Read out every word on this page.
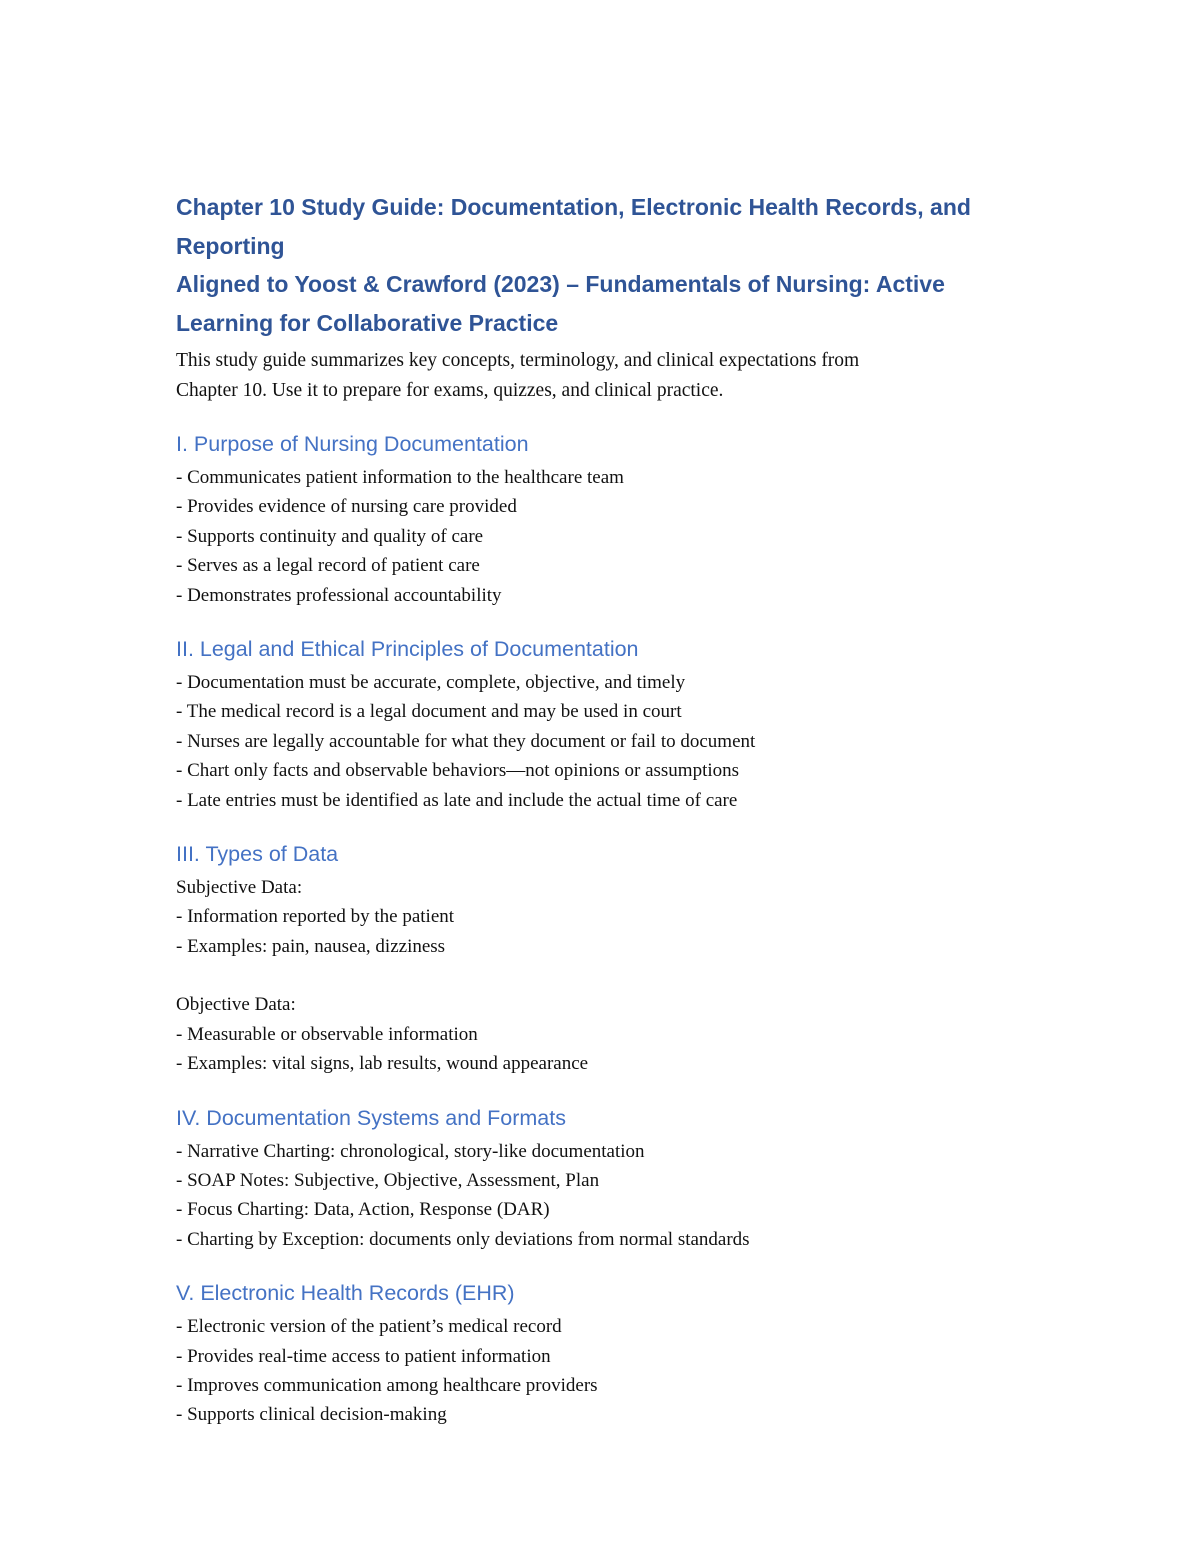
Chapter 10 Study Guide: Documentation, Electronic Health Records, and
Reporting
Aligned to Yoost & Crawford (2023) – Fundamentals of Nursing: Active
Learning for Collaborative Practice
This study guide summarizes key concepts, terminology, and clinical expectations from
Chapter 10. Use it to prepare for exams, quizzes, and clinical practice.
I. Purpose of Nursing Documentation
- Communicates patient information to the healthcare team
- Provides evidence of nursing care provided
- Supports continuity and quality of care
- Serves as a legal record of patient care
- Demonstrates professional accountability
II. Legal and Ethical Principles of Documentation
- Documentation must be accurate, complete, objective, and timely
- The medical record is a legal document and may be used in court
- Nurses are legally accountable for what they document or fail to document
- Chart only facts and observable behaviors—not opinions or assumptions
- Late entries must be identified as late and include the actual time of care
III. Types of Data
Subjective Data:
- Information reported by the patient
- Examples: pain, nausea, dizziness
Objective Data:
- Measurable or observable information
- Examples: vital signs, lab results, wound appearance
IV. Documentation Systems and Formats
- Narrative Charting: chronological, story-like documentation
- SOAP Notes: Subjective, Objective, Assessment, Plan
- Focus Charting: Data, Action, Response (DAR)
- Charting by Exception: documents only deviations from normal standards
V. Electronic Health Records (EHR)
- Electronic version of the patient’s medical record
- Provides real-time access to patient information
- Improves communication among healthcare providers
- Supports clinical decision-making
